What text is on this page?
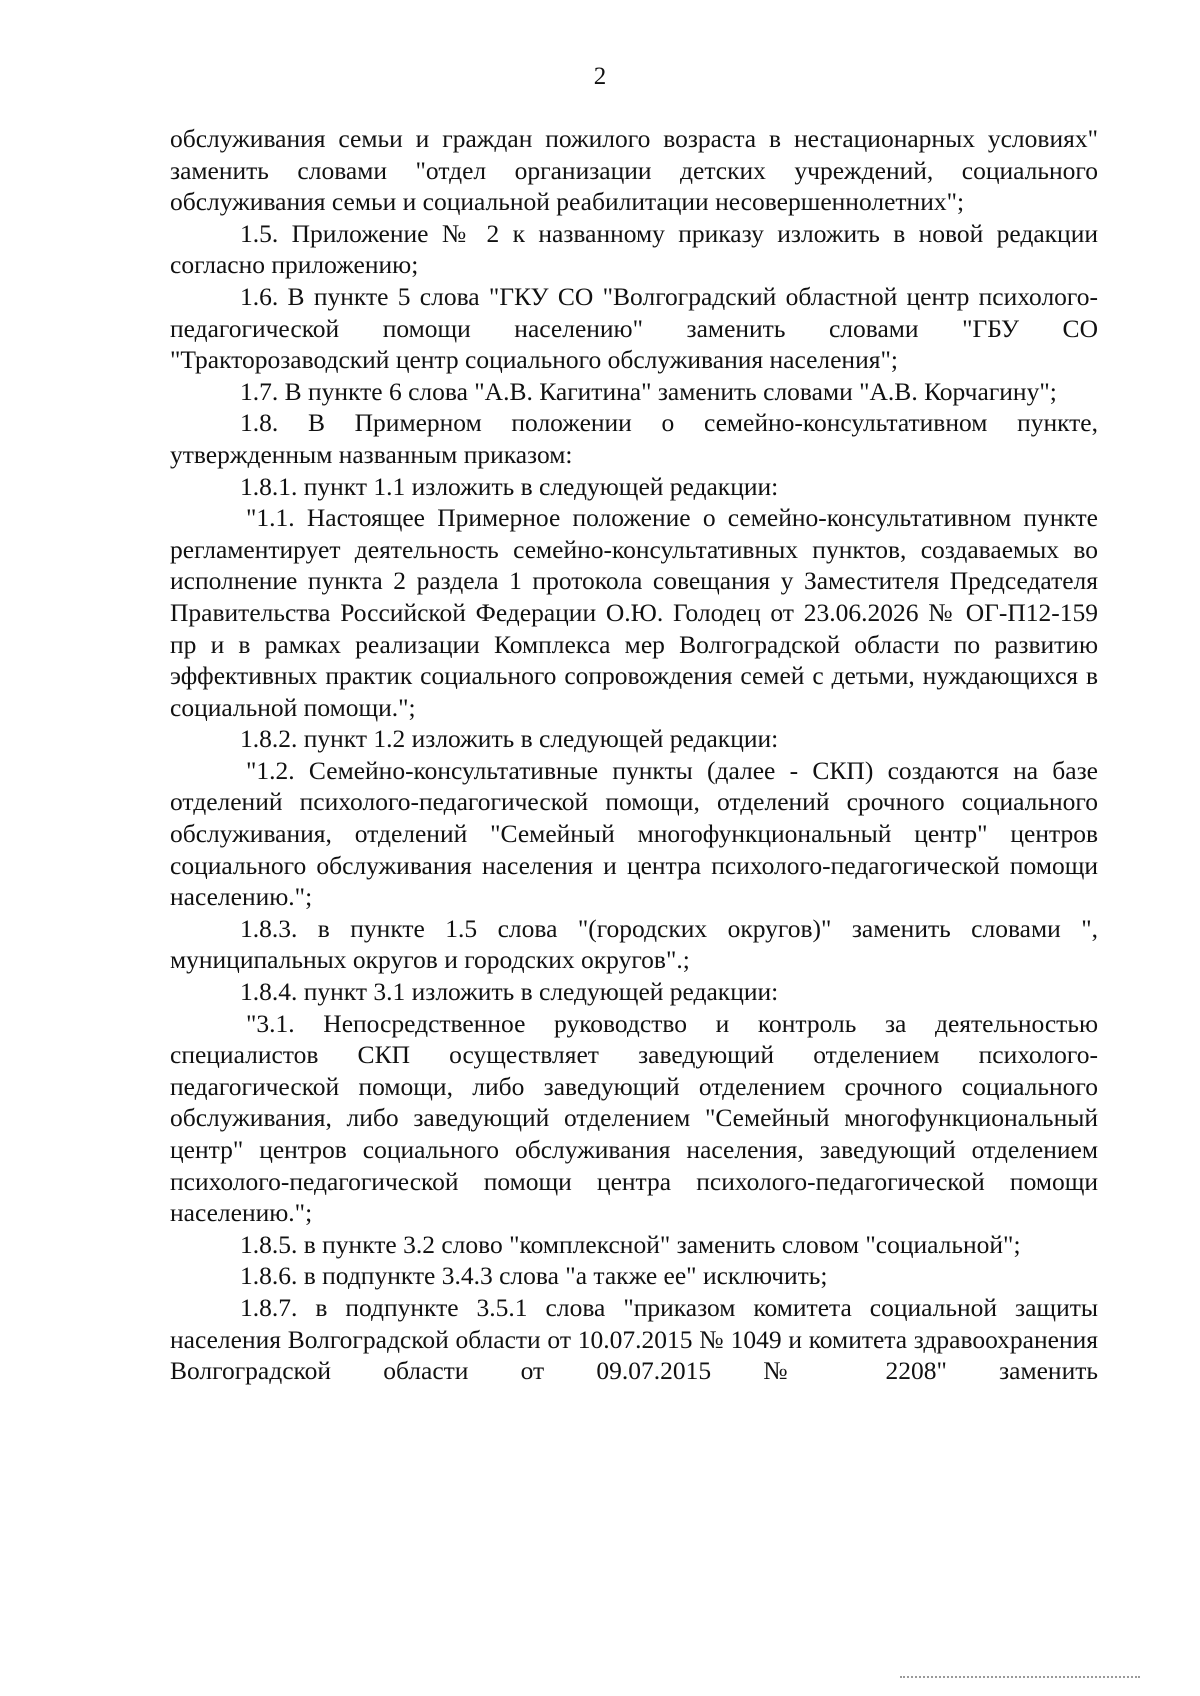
2

обслуживания семьи и граждан пожилого возраста в нестационарных условиях" заменить словами "отдел организации детских учреждений, социального обслуживания семьи и социальной реабилитации несовершеннолетних";

1.5. Приложение № 2 к названному приказу изложить в новой редакции согласно приложению;

1.6. В пункте 5 слова "ГКУ СО "Волгоградский областной центр психолого-педагогической помощи населению" заменить словами "ГБУ СО "Тракторозаводский центр социального обслуживания населения";

1.7. В пункте 6 слова "А.В. Кагитина" заменить словами "А.В. Корчагину";

1.8. В Примерном положении о семейно-консультативном пункте, утвержденным названным приказом:

1.8.1. пункт 1.1 изложить в следующей редакции:

"1.1. Настоящее Примерное положение о семейно-консультативном пункте регламентирует деятельность семейно-консультативных пунктов, создаваемых во исполнение пункта 2 раздела 1 протокола совещания у Заместителя Председателя Правительства Российской Федерации О.Ю. Голодец от 23.06.2026 № ОГ-П12-159 пр и в рамках реализации Комплекса мер Волгоградской области по развитию эффективных практик социального сопровождения семей с детьми, нуждающихся в социальной помощи.";

1.8.2. пункт 1.2 изложить в следующей редакции:

"1.2. Семейно-консультативные пункты (далее - СКП) создаются на базе отделений психолого-педагогической помощи, отделений срочного социального обслуживания, отделений "Семейный многофункциональный центр" центров социального обслуживания населения и центра психолого-педагогической помощи населению.";

1.8.3. в пункте 1.5 слова "(городских округов)" заменить словами ", муниципальных округов и городских округов".;

1.8.4. пункт 3.1 изложить в следующей редакции:

"3.1. Непосредственное руководство и контроль за деятельностью специалистов СКП осуществляет заведующий отделением психолого-педагогической помощи, либо заведующий отделением срочного социального обслуживания, либо заведующий отделением "Семейный многофункциональный центр" центров социального обслуживания населения, заведующий отделением психолого-педагогической помощи центра психолого-педагогической помощи населению.";

1.8.5. в пункте 3.2 слово "комплексной" заменить словом "социальной";

1.8.6. в подпункте 3.4.3 слова "а также ее" исключить;

1.8.7. в подпункте 3.5.1 слова "приказом комитета социальной защиты населения Волгоградской области от 10.07.2015 № 1049 и комитета здравоохранения Волгоградской области от 09.07.2015 № 2208" заменить
